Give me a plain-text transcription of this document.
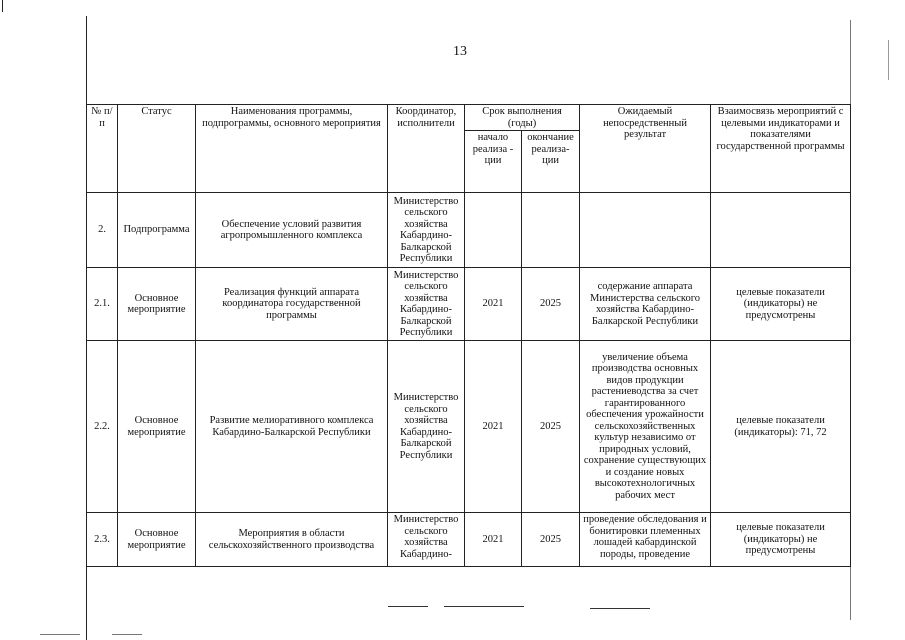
13
№ п/п	Статус	Наименования программы, подпрограммы, основного мероприятия	Координатор, исполнители	Срок выполнения (годы)		Ожидаемый непосредственный результат	Взаимосвязь мероприятий с целевыми индикаторами и показателями государственной программы
				начало реализа - ции	окончание реализа- ции		
2.	Подпрограмма	Обеспечение условий развития агропромышленного комплекса	Министерство сельского хозяйства Кабардино-Балкарской Республики				
2.1.	Основное мероприятие	Реализация функций аппарата координатора государственной программы	Министерство сельского хозяйства Кабардино-Балкарской Республики	2021	2025	содержание аппарата Министерства сельского хозяйства Кабардино-Балкарской Республики	целевые показатели (индикаторы) не предусмотрены
2.2.	Основное мероприятие	Развитие мелиоративного комплекса Кабардино-Балкарской Республики	Министерство сельского хозяйства Кабардино-Балкарской Республики	2021	2025	увеличение объема производства основных видов продукции растениеводства за счет гарантированного обеспечения урожайности сельскохозяйственных культур независимо от природных условий, сохранение существующих и создание новых высокотехнологичных рабочих мест	целевые показатели (индикаторы): 71, 72
2.3.	Основное мероприятие	Мероприятия в области сельскохозяйственного производства	Министерство сельского хозяйства Кабардино-	2021	2025	проведение обследования и бонитировки племенных лошадей кабардинской породы, проведение	целевые показатели (индикаторы) не предусмотрены
